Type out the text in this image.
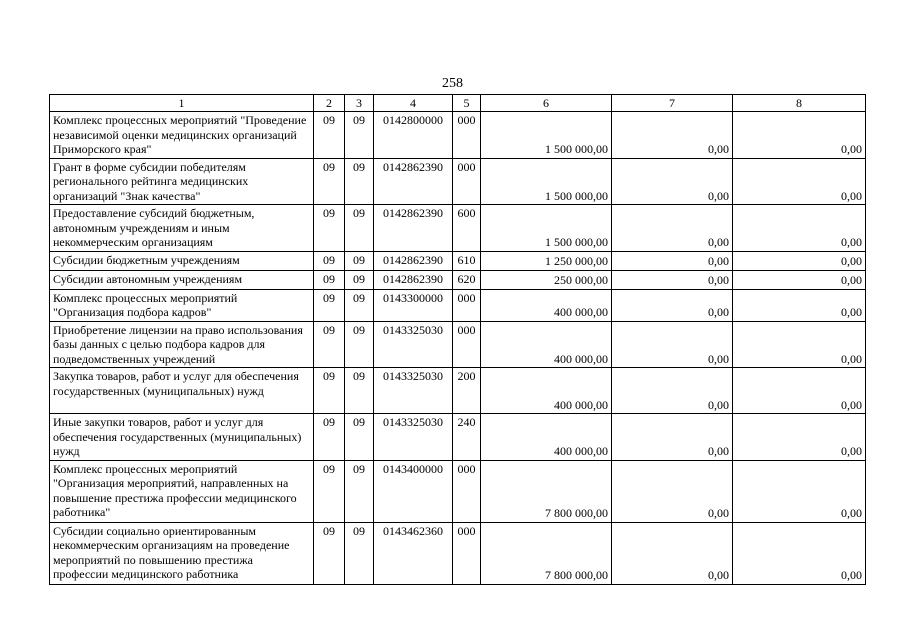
258
1	2	3	4	5	6	7	8
Комплекс процессных мероприятий "Проведение независимой оценки медицинских организаций Приморского края"	09	09	0142800000	000	1 500 000,00	0,00	0,00
Грант в форме субсидии победителям регионального рейтинга медицинских организаций "Знак качества"	09	09	0142862390	000	1 500 000,00	0,00	0,00
Предоставление субсидий бюджетным, автономным учреждениям и иным некоммерческим организациям	09	09	0142862390	600	1 500 000,00	0,00	0,00
Субсидии бюджетным учреждениям	09	09	0142862390	610	1 250 000,00	0,00	0,00
Субсидии автономным учреждениям	09	09	0142862390	620	250 000,00	0,00	0,00
Комплекс процессных мероприятий "Организация подбора кадров"	09	09	0143300000	000	400 000,00	0,00	0,00
Приобретение лицензии на право использования базы данных с целью подбора кадров для подведомственных учреждений	09	09	0143325030	000	400 000,00	0,00	0,00
Закупка товаров, работ и услуг для обеспечения государственных (муниципальных) нужд	09	09	0143325030	200	400 000,00	0,00	0,00
Иные закупки товаров, работ и услуг для обеспечения государственных (муниципальных) нужд	09	09	0143325030	240	400 000,00	0,00	0,00
Комплекс процессных мероприятий "Организация мероприятий, направленных на повышение престижа профессии медицинского работника"	09	09	0143400000	000	7 800 000,00	0,00	0,00
Субсидии социально ориентированным некоммерческим организациям на проведение мероприятий по повышению престижа профессии медицинского работника	09	09	0143462360	000	7 800 000,00	0,00	0,00
